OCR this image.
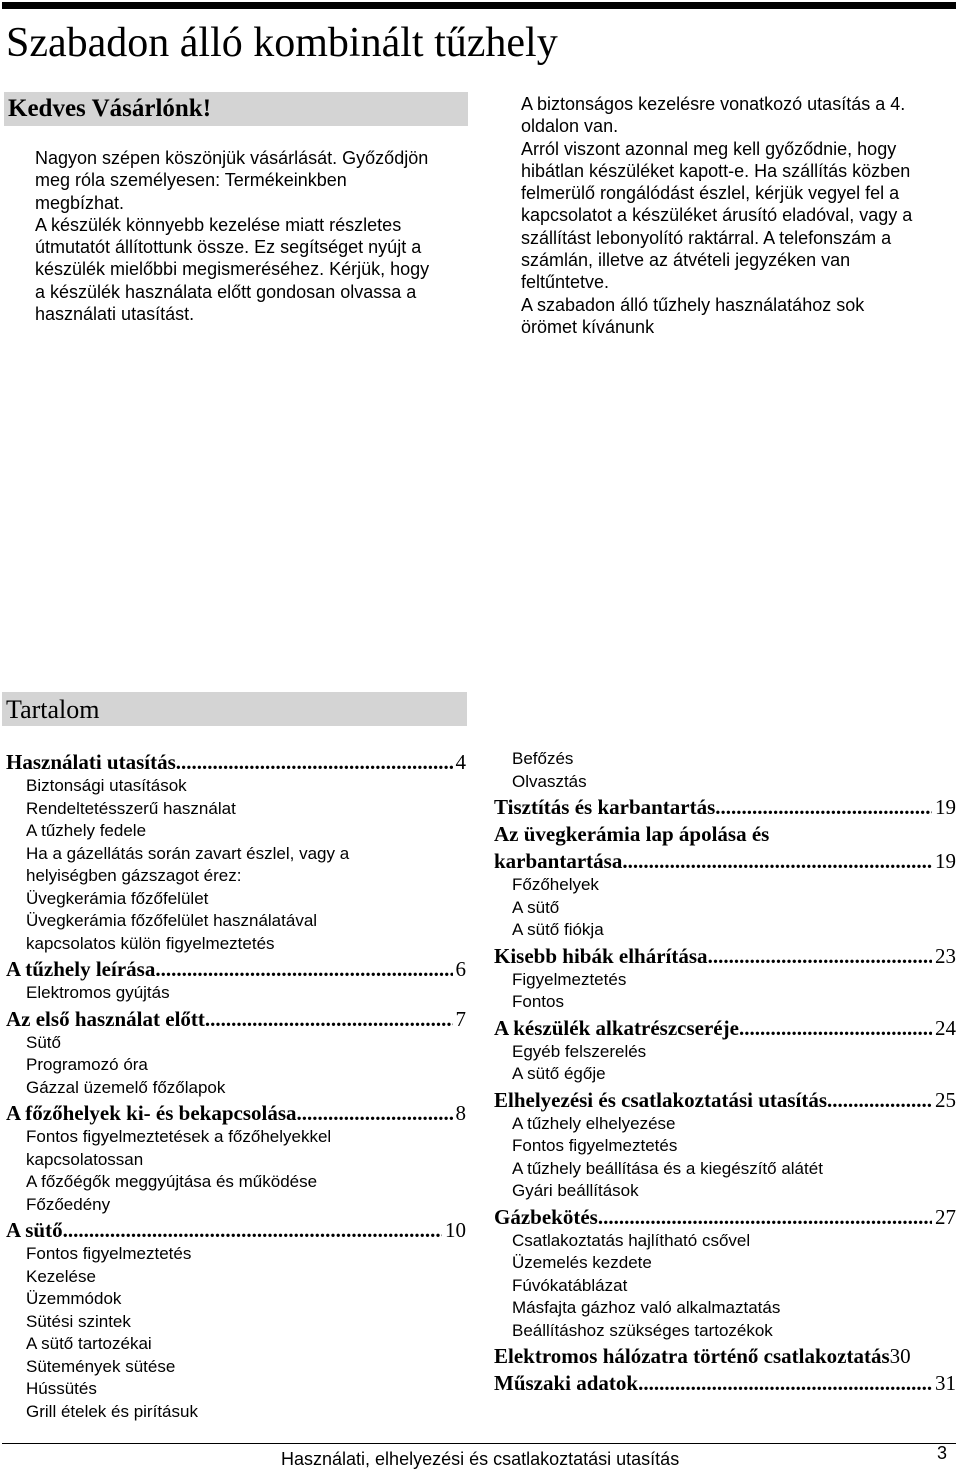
Szabadon álló kombinált tűzhely
Kedves Vásárlónk!

Nagyon szépen köszönjük vásárlását. Győződjön
meg róla személyesen: Termékeinkben
megbízhat.
A készülék könnyebb kezelése miatt részletes
útmutatót állítottunk össze. Ez segítséget nyújt a
készülék mielőbbi megismeréséhez. Kérjük, hogy
a készülék használata előtt gondosan olvassa a
használati utasítást.

A biztonságos kezelésre vonatkozó utasítás a 4.
oldalon van.
Arról viszont azonnal meg kell győződnie, hogy
hibátlan készüléket kapott-e. Ha szállítás közben
felmerülő rongálódást észlel, kérjük vegyel fel a
kapcsolatot a készüléket árusító eladóval, vagy a
szállítást lebonyolító raktárral. A telefonszám a
számlán, illetve az átvételi jegyzéken van
feltűntetve.
A szabadon álló tűzhely használatához sok
örömet kívánunk

Tartalom
Használati utasítás .....	4
Biztonsági utasítások
Rendeltetésszerű használat
A tűzhely fedele
Ha a gázellátás során zavart észlel, vagy a
helyiségben gázszagot érez:
Üvegkerámia főzőfelület
Üvegkerámia főzőfelület használatával
kapcsolatos külön figyelmeztetés
A tűzhely leírása .....	6
Elektromos gyújtás
Az első használat előtt .....	7
Sütő
Programozó óra
Gázzal üzemelő főzőlapok
A főzőhelyek ki- és bekapcsolása .....	8
Fontos figyelmeztetések a főzőhelyekkel
kapcsolatossan
A főzőégők meggyújtása és működése
Főzőedény
A sütő .....	10
Fontos figyelmeztetés
Kezelése
Üzemmódok
Sütési szintek
A sütő tartozékai
Sütemények sütése
Hússütés
Grill ételek és pirításuk
Befőzés
Olvasztás
Tisztítás és karbantartás .....	19
Az üvegkerámia lap ápolása és
karbantartása .....	19
Főzőhelyek
A sütő
A sütő fiókja
Kisebb hibák elhárítása .....	23
Figyelmeztetés
Fontos
A készülék alkatrészcseréje .....	24
Egyéb felszerelés
A sütő égője
Elhelyezési és csatlakoztatási utasítás .....	25
A tűzhely elhelyezése
Fontos figyelmeztetés
A tűzhely beállítása és a kiegészítő alátét
Gyári beállítások
Gázbekötés .....	27
Csatlakoztatás hajlítható csővel
Üzemelés kezdete
Fúvókatáblázat
Másfajta gázhoz való alkalmaztatás
Beállításhoz szükséges tartozékok
Elektromos hálózatra történő csatlakoztatás 30
Műszaki adatok .....	31
Használati, elhelyezési és csatlakoztatási utasítás	3
